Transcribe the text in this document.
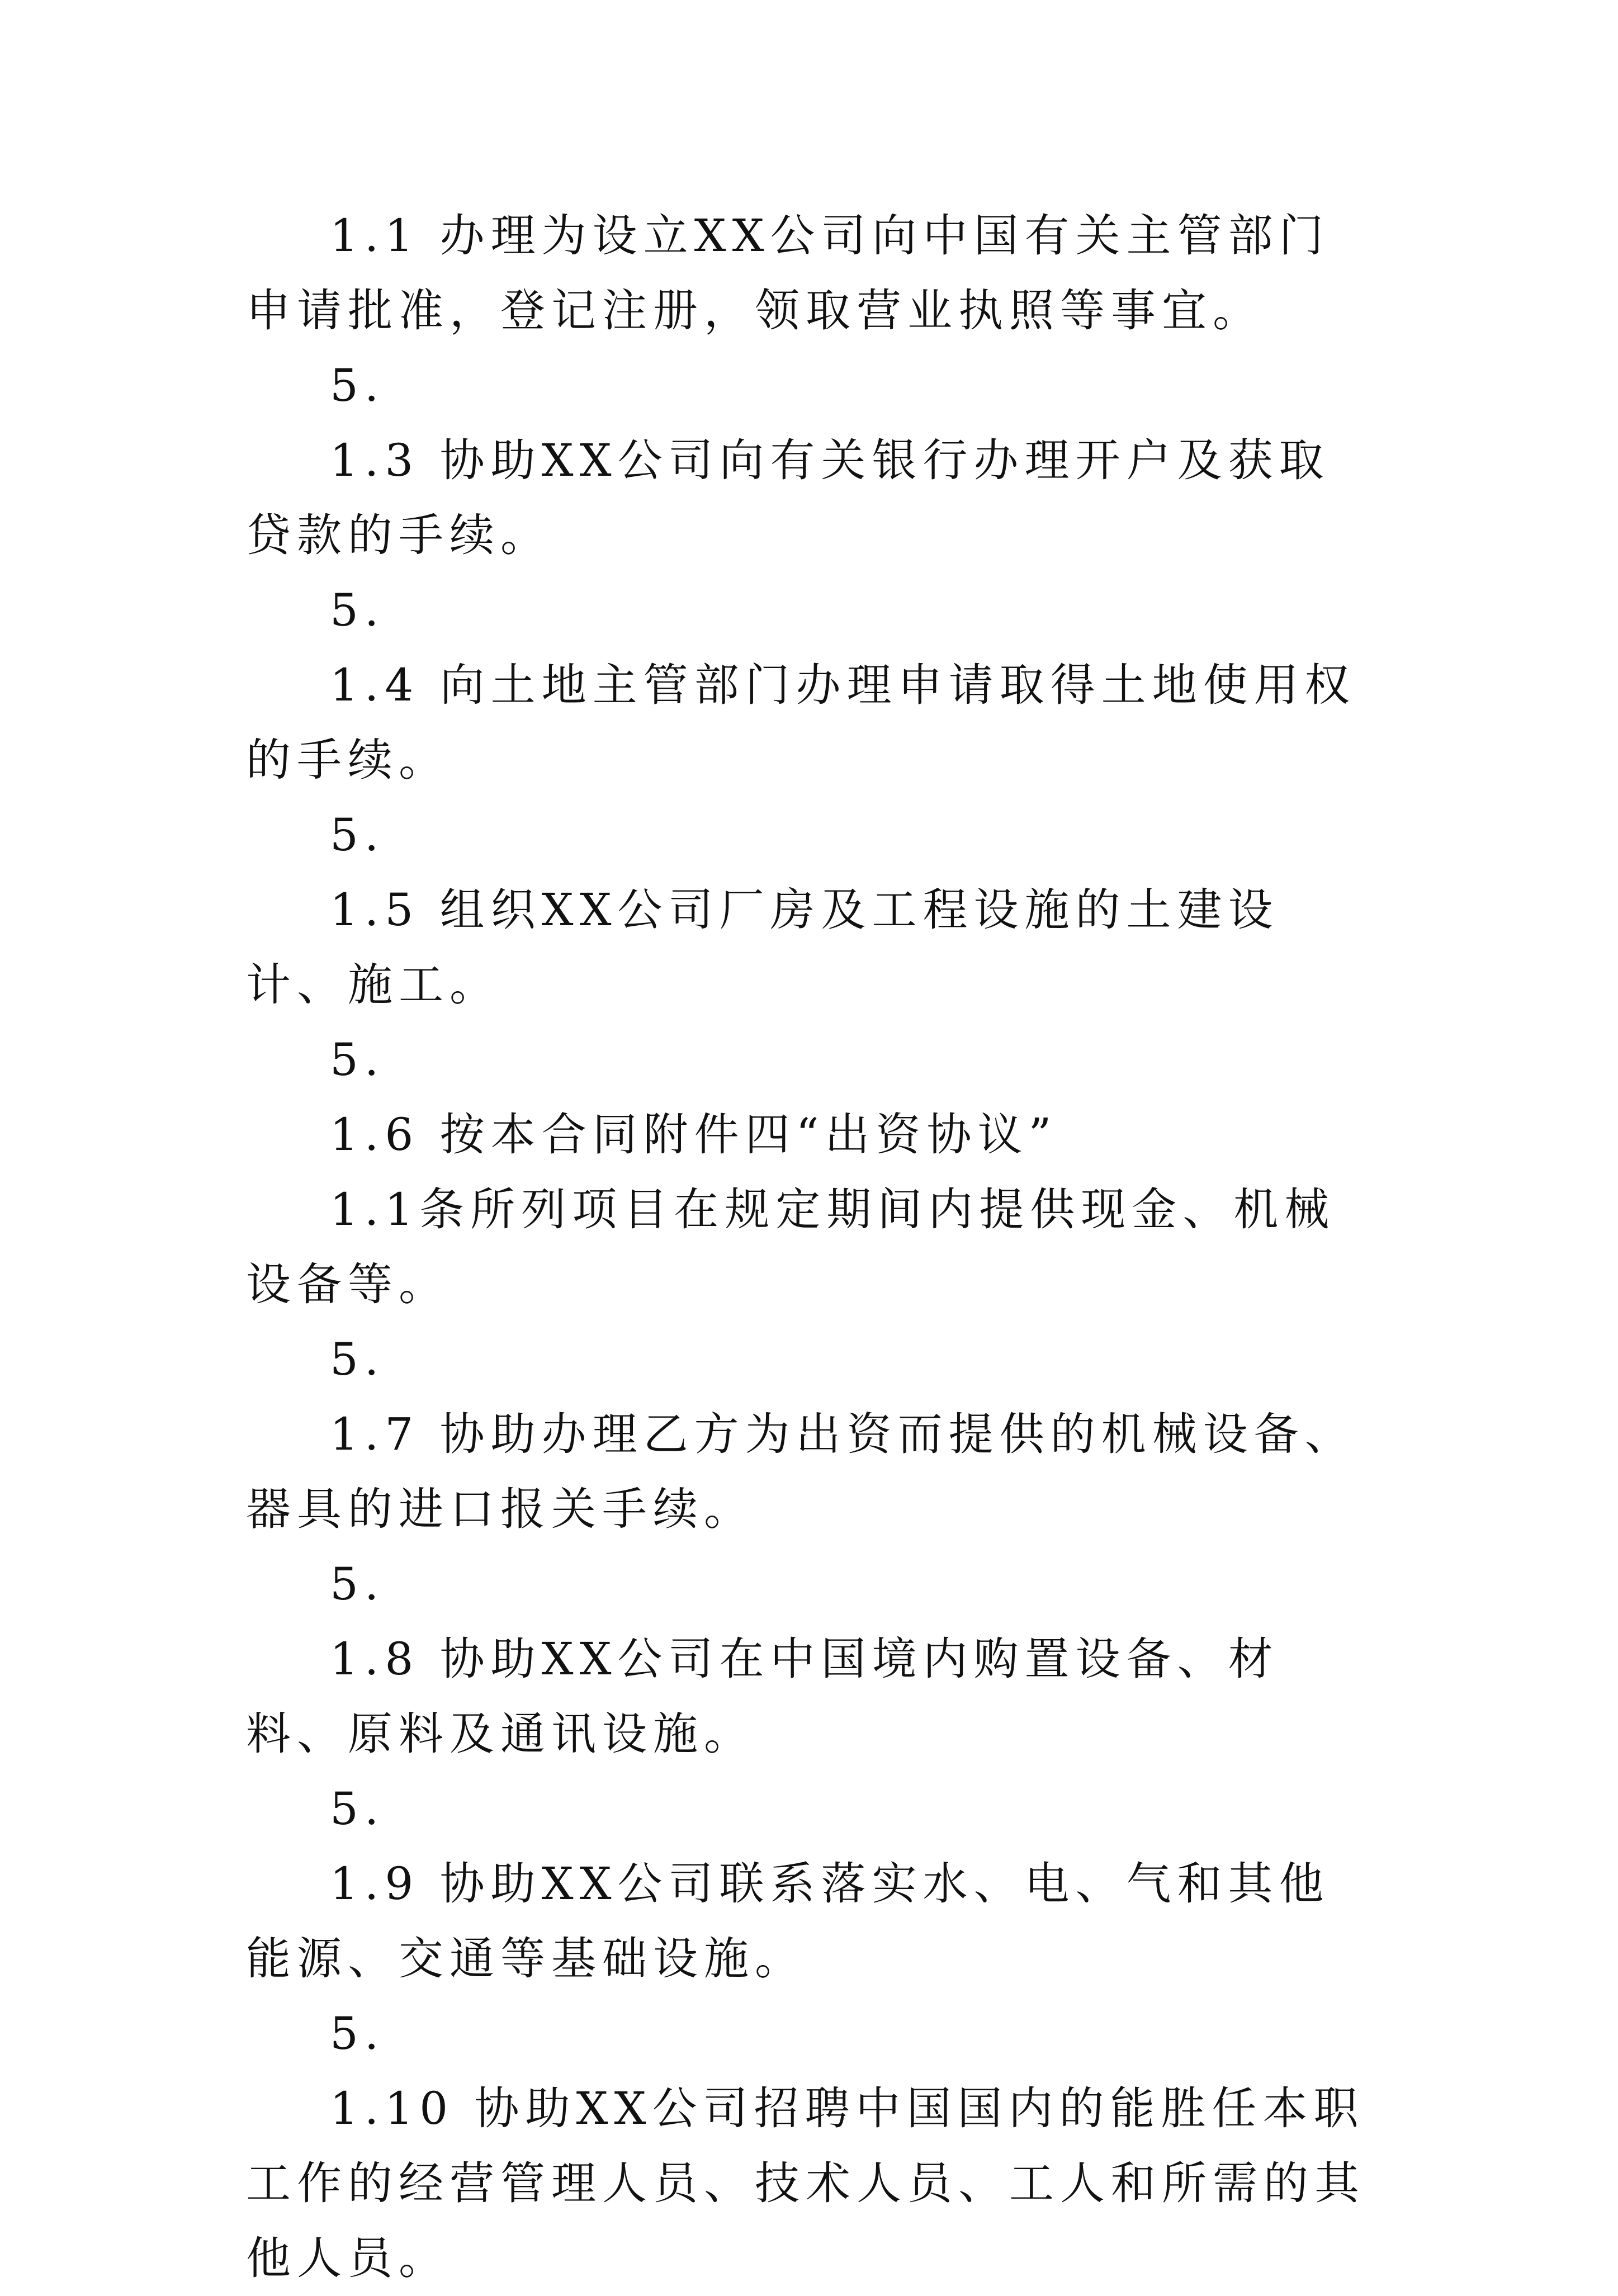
1.1 办理为设立XX公司向中国有关主管部门申请批准，登记注册，领取营业执照等事宜。

5.

1.3 协助XX公司向有关银行办理开户及获取贷款的手续。

5.

1.4 向土地主管部门办理申请取得土地使用权的手续。

5.

1.5 组织XX公司厂房及工程设施的土建设计、施工。

5.

1.6 按本合同附件四“出资协议”

1.1条所列项目在规定期间内提供现金、机械设备等。

5.

1.7 协助办理乙方为出资而提供的机械设备、器具的进口报关手续。

5.

1.8 协助XX公司在中国境内购置设备、材料、原料及通讯设施。

5.

1.9 协助XX公司联系落实水、电、气和其他能源、交通等基础设施。

5.

1.10 协助XX公司招聘中国国内的能胜任本职工作的经营管理人员、技术人员、工人和所需的其他人员。
